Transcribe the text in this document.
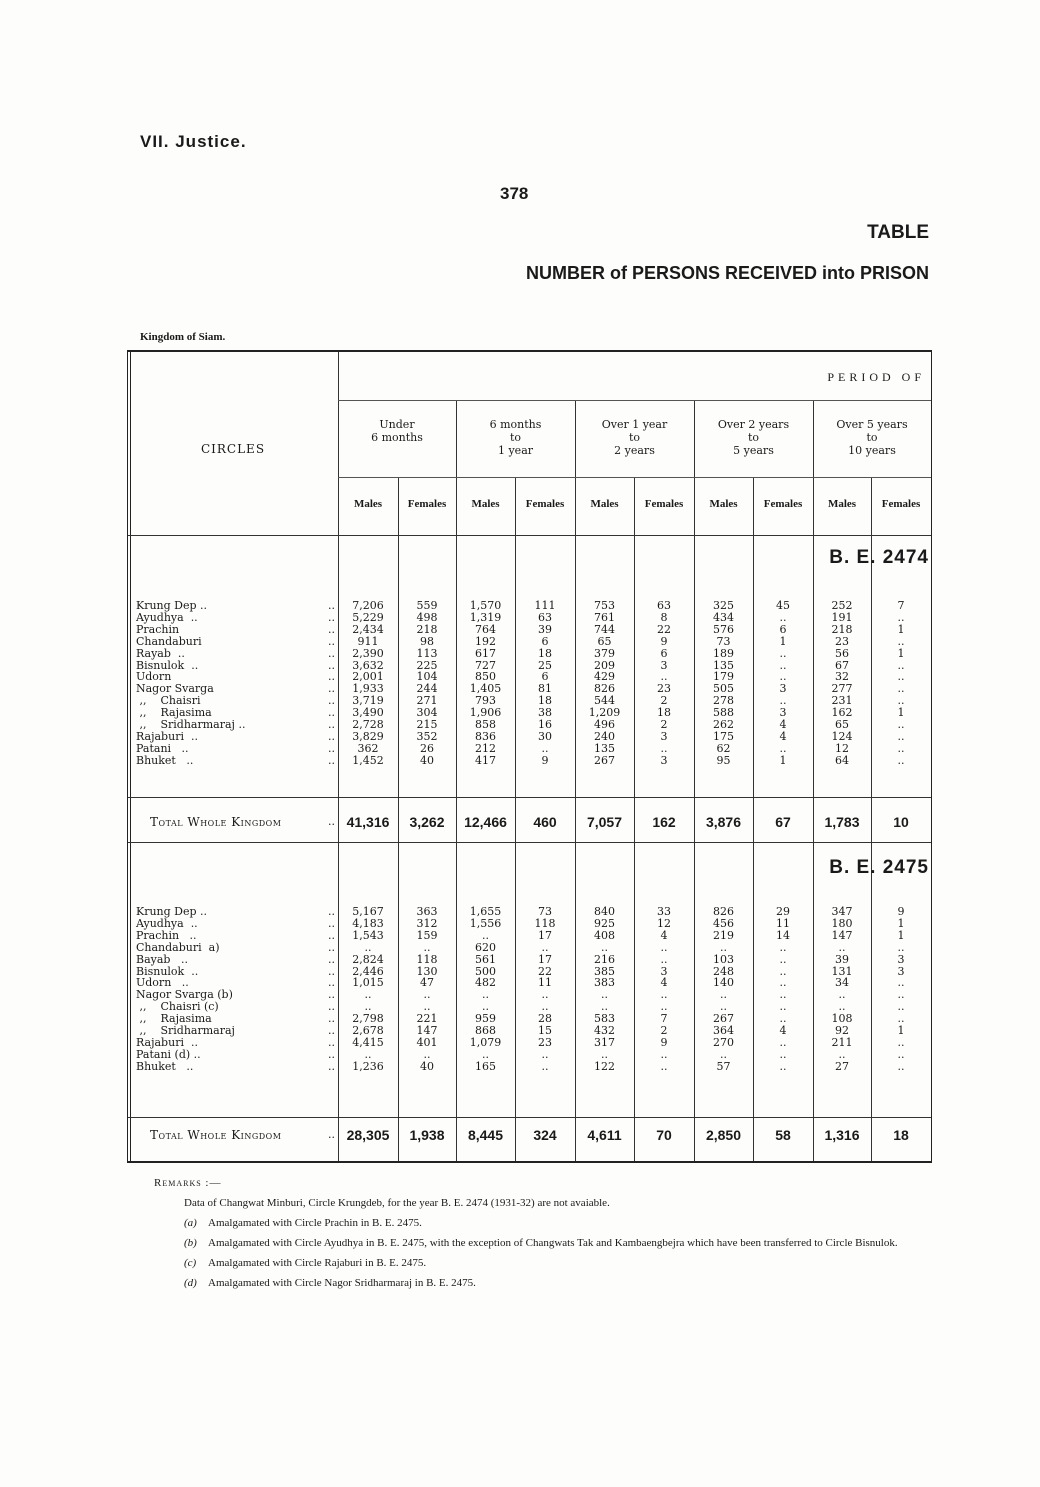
VII. Justice.
378
TABLE
NUMBER of PERSONS RECEIVED into PRISON
Kingdom of Siam.
PERIOD OF
CIRCLES
Under
6 months
6 months
to
1 year
Over 1 year
to
2 years
Over 2 years
to
5 years
Over 5 years
to
10 years
Males	Females	Males	Females	Males	Females	Males	Females	Males	Females
B. E. 2474
Krung Dep ..	..	7,206	559	1,570	111	753	63	325	45	252	7
Ayudhya  ..	..	5,229	498	1,319	63	761	8	434	..	191	..
Prachin	..	2,434	218	764	39	744	22	576	6	218	1
Chandaburi	..	911	98	192	6	65	9	73	1	23	..
Rayab  ..	..	2,390	113	617	18	379	6	189	..	56	1
Bisnulok  ..	..	3,632	225	727	25	209	3	135	..	67	..
Udorn	..	2,001	104	850	6	429	..	179	..	32	..
Nagor Svarga	..	1,933	244	1,405	81	826	23	505	3	277	..
,,    Chaisri	..	3,719	271	793	18	544	2	278	..	231	..
,,    Rajasima	..	3,490	304	1,906	38	1,209	18	588	3	162	1
,,    Sridharmaraj ..	..	2,728	215	858	16	496	2	262	4	65	..
Rajaburi  ..	..	3,829	352	836	30	240	3	175	4	124	..
Patani   ..	..	362	26	212	..	135	..	62	..	12	..
Bhuket   ..	..	1,452	40	417	9	267	3	95	1	64	..
Total Whole Kingdom	.. 41,316	3,262	12,466	460	7,057	162	3,876	67	1,783	10
B. E. 2475
Krung Dep ..	..	5,167	363	1,655	73	840	33	826	29	347	9
Ayudhya  ..	..	4,183	312	1,556	118	925	12	456	11	180	1
Prachin   ..	..	1,543	159	..	17	408	4	219	14	147	1
Chandaburi  a)	..	..	..	620	..	..	..	..	..	..	..
Bayab   ..	..	2,824	118	561	17	216	..	103	..	39	3
Bisnulok  ..	..	2,446	130	500	22	385	3	248	..	131	3
Udorn   ..	..	1,015	47	482	11	383	4	140	..	34	..
Nagor Svarga (b)	..	..	..	..	..	..	..	..	..	..	..
,,    Chaisri (c)	..	..	..	..	..	..	..	..	..	..	..
,,    Rajasima	..	2,798	221	959	28	583	7	267	..	108	..
,,    Sridharmaraj	..	2,678	147	868	15	432	2	364	4	92	1
Rajaburi  ..	..	4,415	401	1,079	23	317	9	270	..	211	..
Patani (d) ..	..	..	..	..	..	..	..	..	..	..	..
Bhuket   ..	..	1,236	40	165	..	122	..	57	..	27	..
Total Whole Kingdom	.. 28,305	1,938	8,445	324	4,611	70	2,850	58	1,316	18
Remarks :—
Data of Changwat Minburi, Circle Krungdeb, for the year B. E. 2474 (1931-32) are not avaiable.
(a)	Amalgamated with Circle Prachin in B. E. 2475.
(b)	Amalgamated with Circle Ayudhya in B. E. 2475, with the exception of Changwats Tak and Kambaengbejra which have been transferred to Circle Bisnulok.
(c)	Amalgamated with Circle Rajaburi in B. E. 2475.
(d)	Amalgamated with Circle Nagor Sridharmaraj in B. E. 2475.
